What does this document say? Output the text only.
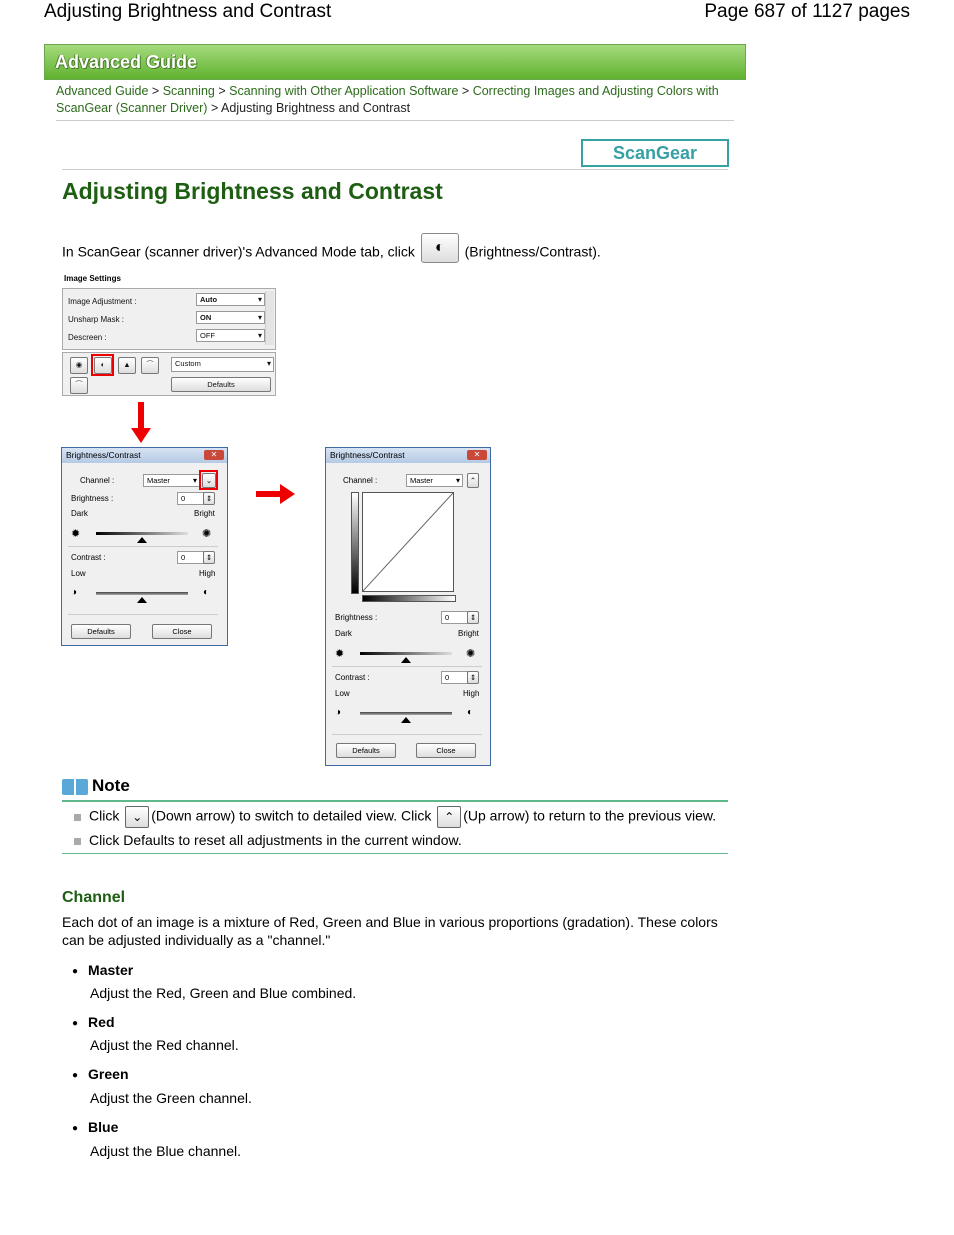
Adjusting Brightness and Contrast	Page 687 of 1127 pages
Advanced Guide
Advanced Guide > Scanning > Scanning with Other Application Software > Correcting Images and Adjusting Colors with ScanGear (Scanner Driver) > Adjusting Brightness and Contrast
ScanGear
Adjusting Brightness and Contrast
In ScanGear (scanner driver)'s Advanced Mode tab, click ◐ (Brightness/Contrast).
Image Settings
Image Adjustment :	Auto ▾
Unsharp Mask :	ON ▾
Descreen :	OFF ▾
◉	◐	▲	⌒
⌒
Custom ▾
Defaults
Brightness/Contrast	✕
Channel :	Master ▾	⌄
Brightness :	0	⇕
Dark	Bright
✹	✺
Contrast :	0	⇕
Low	High
◑	◐
Defaults	Close
Brightness/Contrast	✕
Channel :	Master ▾	⌃
Brightness :	0	⇕
Dark	Bright
✹	✺
Contrast :	0	⇕
Low	High
◑	◐
Defaults	Close
Note
Click ⌄ (Down arrow) to switch to detailed view. Click ⌃ (Up arrow) to return to the previous view.
Click Defaults to reset all adjustments in the current window.
Channel
Each dot of an image is a mixture of Red, Green and Blue in various proportions (gradation). These colors can be adjusted individually as a "channel."
● Master
Adjust the Red, Green and Blue combined.
● Red
Adjust the Red channel.
● Green
Adjust the Green channel.
● Blue
Adjust the Blue channel.
